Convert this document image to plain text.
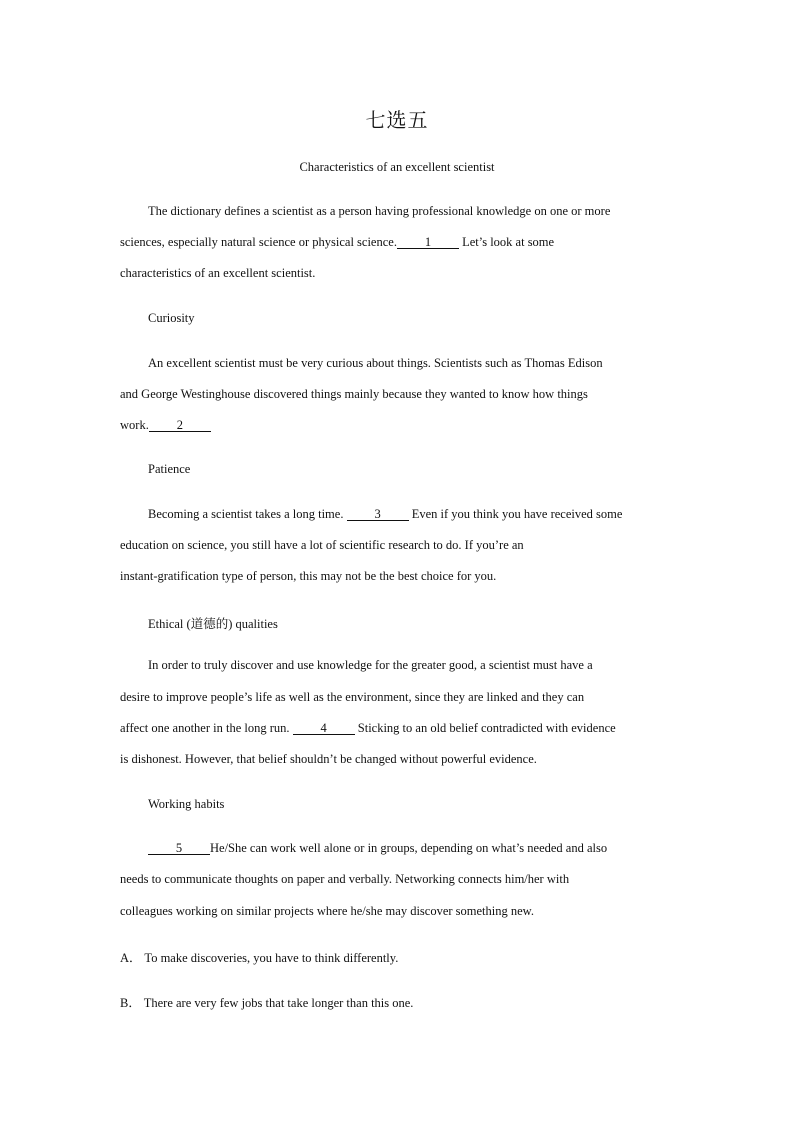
七选五
Characteristics of an excellent scientist
The dictionary defines a scientist as a person having professional knowledge on one or more
sciences, especially natural science or physical science. 1 Let’s look at some
characteristics of an excellent scientist.
Curiosity
An excellent scientist must be very curious about things. Scientists such as Thomas Edison
and George Westinghouse discovered things mainly because they wanted to know how things
work. 2
Patience
Becoming a scientist takes a long time. 3 Even if you think you have received some
education on science, you still have a lot of scientific research to do. If you’re an
instant-gratification type of person, this may not be the best choice for you.
Ethical (道德的) qualities
In order to truly discover and use knowledge for the greater good, a scientist must have a
desire to improve people’s life as well as the environment, since they are linked and they can
affect one another in the long run. 4 Sticking to an old belief contradicted with evidence
is dishonest. However, that belief shouldn’t be changed without powerful evidence.
Working habits
5 He/She can work well alone or in groups, depending on what’s needed and also
needs to communicate thoughts on paper and verbally. Networking connects him/her with
colleagues working on similar projects where he/she may discover something new.
A． To make discoveries, you have to think differently.
B． There are very few jobs that take longer than this one.
